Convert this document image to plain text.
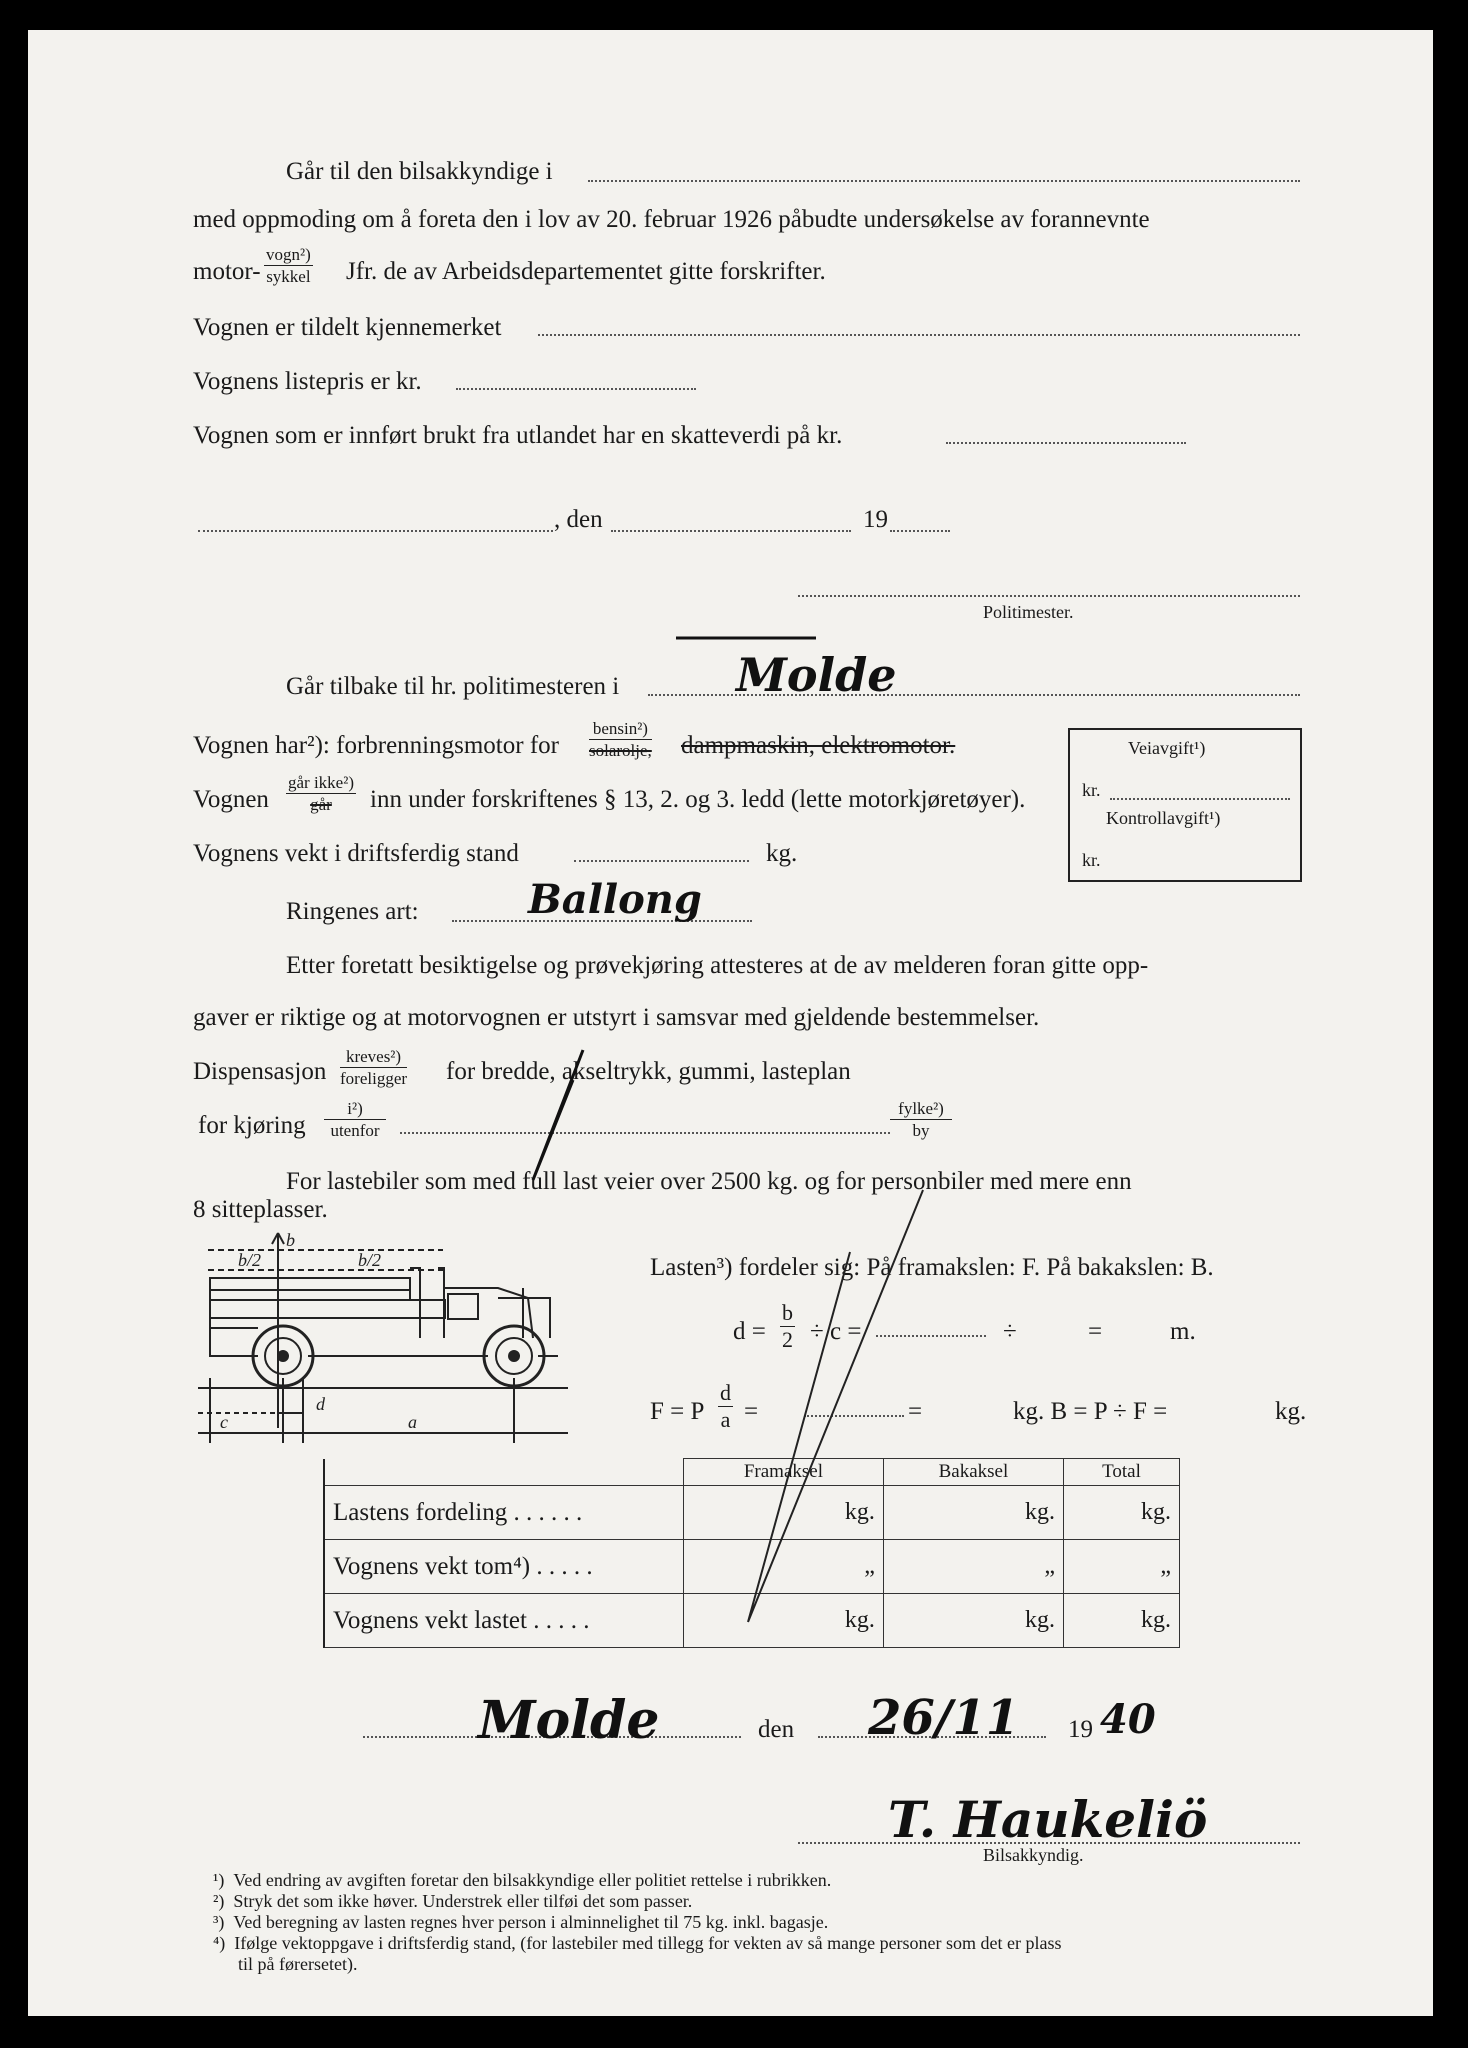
Går til den bilsakkyndige i
med oppmoding om å foreta den i lov av 20. februar 1926 påbudte undersøkelse av forannevnte
motor-
vogn²)
sykkel Jfr. de av Arbeidsdepartementet gitte forskrifter.
Vognen er tildelt kjennemerket
Vognens listepris er kr.
Vognen som er innført brukt fra utlandet har en skatteverdi på kr.
, den	19
Politimester.
Går tilbake til hr. politimesteren i	Molde
Vognen har²): forbrenningsmotor for
bensin²)
solarolje, dampmaskin, elektromotor.
Vognen
går ikke²)
går	inn under forskriftenes § 13, 2. og 3. ledd (lette motorkjøretøyer).
Vognens vekt i driftsferdig stand	kg.
Ringenes art:	Ballong
Veiavgift¹)
kr.
Kontrollavgift¹)
kr.
Etter foretatt besiktigelse og prøvekjøring attesteres at de av melderen foran gitte opp-
gaver er riktige og at motorvognen er utstyrt i samsvar med gjeldende bestemmelser.
Dispensasjon
kreves²)
foreligger for bredde, akseltrykk, gummi, lasteplan
for kjøring
i²)
utenfor
fylke²)
by
For lastebiler som med full last veier over 2500 kg. og for personbiler med mere enn
8 sitteplasser.
b
b/2	b/2
c
d
a
Lasten³) fordeler sig: På framakslen: F. På bakakslen: B.
$d = \frac{b}{2} \div c$ =	÷	=	m.
F = P $\frac{d}{a}$ =	=	kg. B = P ÷ F =	kg.
	Framaksel	Bakaksel	Total
Lastens fordeling . . . . . .	kg.	kg.	kg.
Vognens vekt tom⁴) . . . . .	„	„	„
Vognens vekt lastet . . . . .	kg.	kg.	kg.
Molde	den 26/11 19 40
T. Haukeliö
Bilsakkyndig.
¹) Ved endring av avgiften foretar den bilsakkyndige eller politiet rettelse i rubrikken.
²) Stryk det som ikke høver. Understrek eller tilføi det som passer.
³) Ved beregning av lasten regnes hver person i alminnelighet til 75 kg. inkl. bagasje.
⁴) Ifølge vektoppgave i driftsferdig stand, (for lastebiler med tillegg for vekten av så mange personer som det er plass
til på førersetet).
